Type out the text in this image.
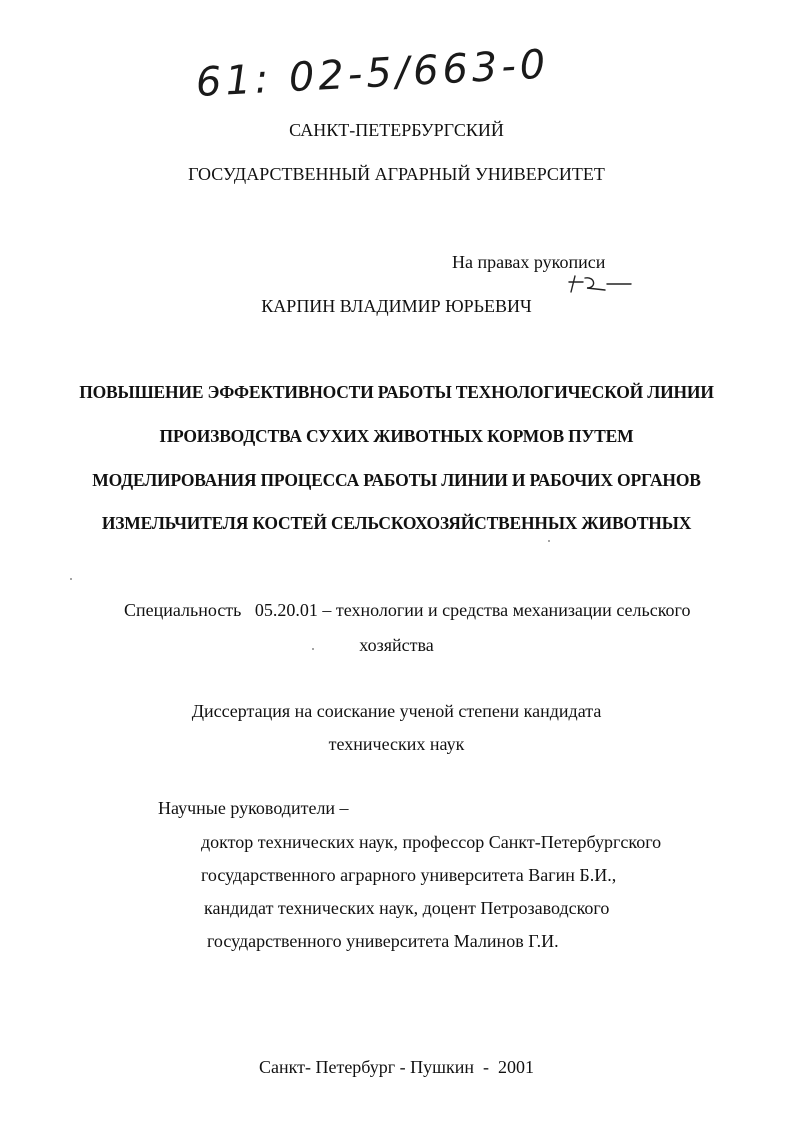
61: 02-5/663-0
САНКТ-ПЕТЕРБУРГСКИЙ
ГОСУДАРСТВЕННЫЙ АГРАРНЫЙ УНИВЕРСИТЕТ
На правах рукописи
КАРПИН ВЛАДИМИР ЮРЬЕВИЧ
ПОВЫШЕНИЕ ЭФФЕКТИВНОСТИ РАБОТЫ ТЕХНОЛОГИЧЕСКОЙ ЛИНИИ
ПРОИЗВОДСТВА СУХИХ ЖИВОТНЫХ КОРМОВ ПУТЕМ
МОДЕЛИРОВАНИЯ ПРОЦЕССА РАБОТЫ ЛИНИИ И РАБОЧИХ ОРГАНОВ
ИЗМЕЛЬЧИТЕЛЯ КОСТЕЙ СЕЛЬСКОХОЗЯЙСТВЕННЫХ ЖИВОТНЫХ
Специальность   05.20.01 – технологии и средства механизации сельского
хозяйства
Диссертация на соискание ученой степени кандидата
технических наук
Научные руководители –
доктор технических наук, профессор Санкт-Петербургского
государственного аграрного университета Вагин Б.И.,
кандидат технических наук, доцент Петрозаводского
государственного университета Малинов Г.И.
Санкт- Петербург - Пушкин  -  2001
